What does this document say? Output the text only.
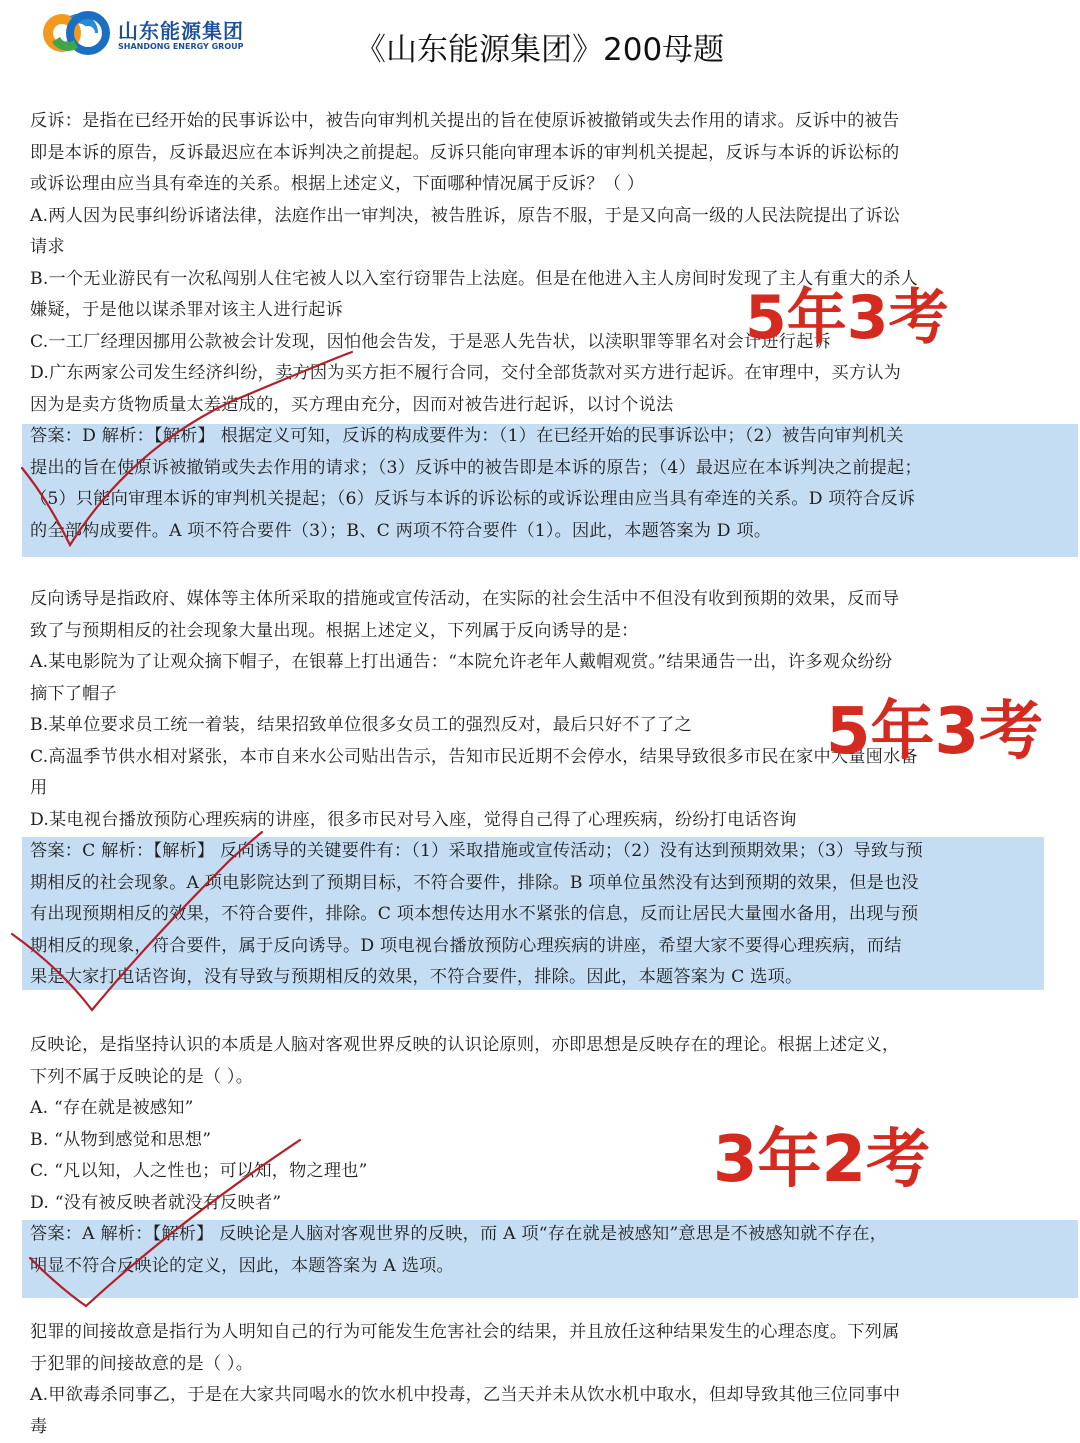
山东能源集团
SHANDONG ENERGY GROUP	《山东能源集团》200母题
反诉：是指在已经开始的民事诉讼中，被告向审判机关提出的旨在使原诉被撤销或失去作用的请求。反诉中的被告
即是本诉的原告，反诉最迟应在本诉判决之前提起。反诉只能向审理本诉的审判机关提起，反诉与本诉的诉讼标的
或诉讼理由应当具有牵连的关系。根据上述定义，下面哪种情况属于反诉？（ ）
A.两人因为民事纠纷诉诸法律，法庭作出一审判决，被告胜诉，原告不服，于是又向高一级的人民法院提出了诉讼
请求
B.一个无业游民有一次私闯别人住宅被人以入室行窃罪告上法庭。但是在他进入主人房间时发现了主人有重大的杀人
嫌疑，于是他以谋杀罪对该主人进行起诉
C.一工厂经理因挪用公款被会计发现，因怕他会告发，于是恶人先告状，以渎职罪等罪名对会计进行起诉
D.广东两家公司发生经济纠纷，卖方因为买方拒不履行合同，交付全部货款对买方进行起诉。在审理中，买方认为
因为是卖方货物质量太差造成的，买方理由充分，因而对被告进行起诉，以讨个说法
答案：D 解析：【解析】 根据定义可知，反诉的构成要件为：（1）在已经开始的民事诉讼中；（2）被告向审判机关
提出的旨在使原诉被撤销或失去作用的请求；（3）反诉中的被告即是本诉的原告；（4）最迟应在本诉判决之前提起；
（5）只能向审理本诉的审判机关提起；（6）反诉与本诉的诉讼标的或诉讼理由应当具有牵连的关系。D 项符合反诉
的全部构成要件。A 项不符合要件（3）；B、C 两项不符合要件（1）。因此，本题答案为 D 项。
反向诱导是指政府、媒体等主体所采取的措施或宣传活动，在实际的社会生活中不但没有收到预期的效果，反而导
致了与预期相反的社会现象大量出现。根据上述定义，下列属于反向诱导的是：
A.某电影院为了让观众摘下帽子，在银幕上打出通告：“本院允许老年人戴帽观赏。”结果通告一出，许多观众纷纷
摘下了帽子
B.某单位要求员工统一着装，结果招致单位很多女员工的强烈反对，最后只好不了了之
C.高温季节供水相对紧张，本市自来水公司贴出告示，告知市民近期不会停水，结果导致很多市民在家中大量囤水备
用
D.某电视台播放预防心理疾病的讲座，很多市民对号入座，觉得自己得了心理疾病，纷纷打电话咨询
答案：C 解析：【解析】 反向诱导的关键要件有：（1）采取措施或宣传活动；（2）没有达到预期效果；（3）导致与预
期相反的社会现象。A 项电影院达到了预期目标，不符合要件，排除。B 项单位虽然没有达到预期的效果，但是也没
有出现预期相反的效果，不符合要件，排除。C 项本想传达用水不紧张的信息，反而让居民大量囤水备用，出现与预
期相反的现象，符合要件，属于反向诱导。D 项电视台播放预防心理疾病的讲座，希望大家不要得心理疾病，而结
果是大家打电话咨询，没有导致与预期相反的效果，不符合要件，排除。因此，本题答案为 C 选项。
反映论，是指坚持认识的本质是人脑对客观世界反映的认识论原则，亦即思想是反映存在的理论。根据上述定义，
下列不属于反映论的是（ ）。
A. “存在就是被感知”
B. “从物到感觉和思想”
C. “凡以知，人之性也；可以知，物之理也”
D. “没有被反映者就没有反映者”
答案：A 解析：【解析】 反映论是人脑对客观世界的反映，而 A 项“存在就是被感知”意思是不被感知就不存在，
明显不符合反映论的定义，因此，本题答案为 A 选项。
犯罪的间接故意是指行为人明知自己的行为可能发生危害社会的结果，并且放任这种结果发生的心理态度。下列属
于犯罪的间接故意的是（ ）。
A.甲欲毒杀同事乙，于是在大家共同喝水的饮水机中投毒，乙当天并未从饮水机中取水，但却导致其他三位同事中
毒
5年3考
5年3考
3年2考
